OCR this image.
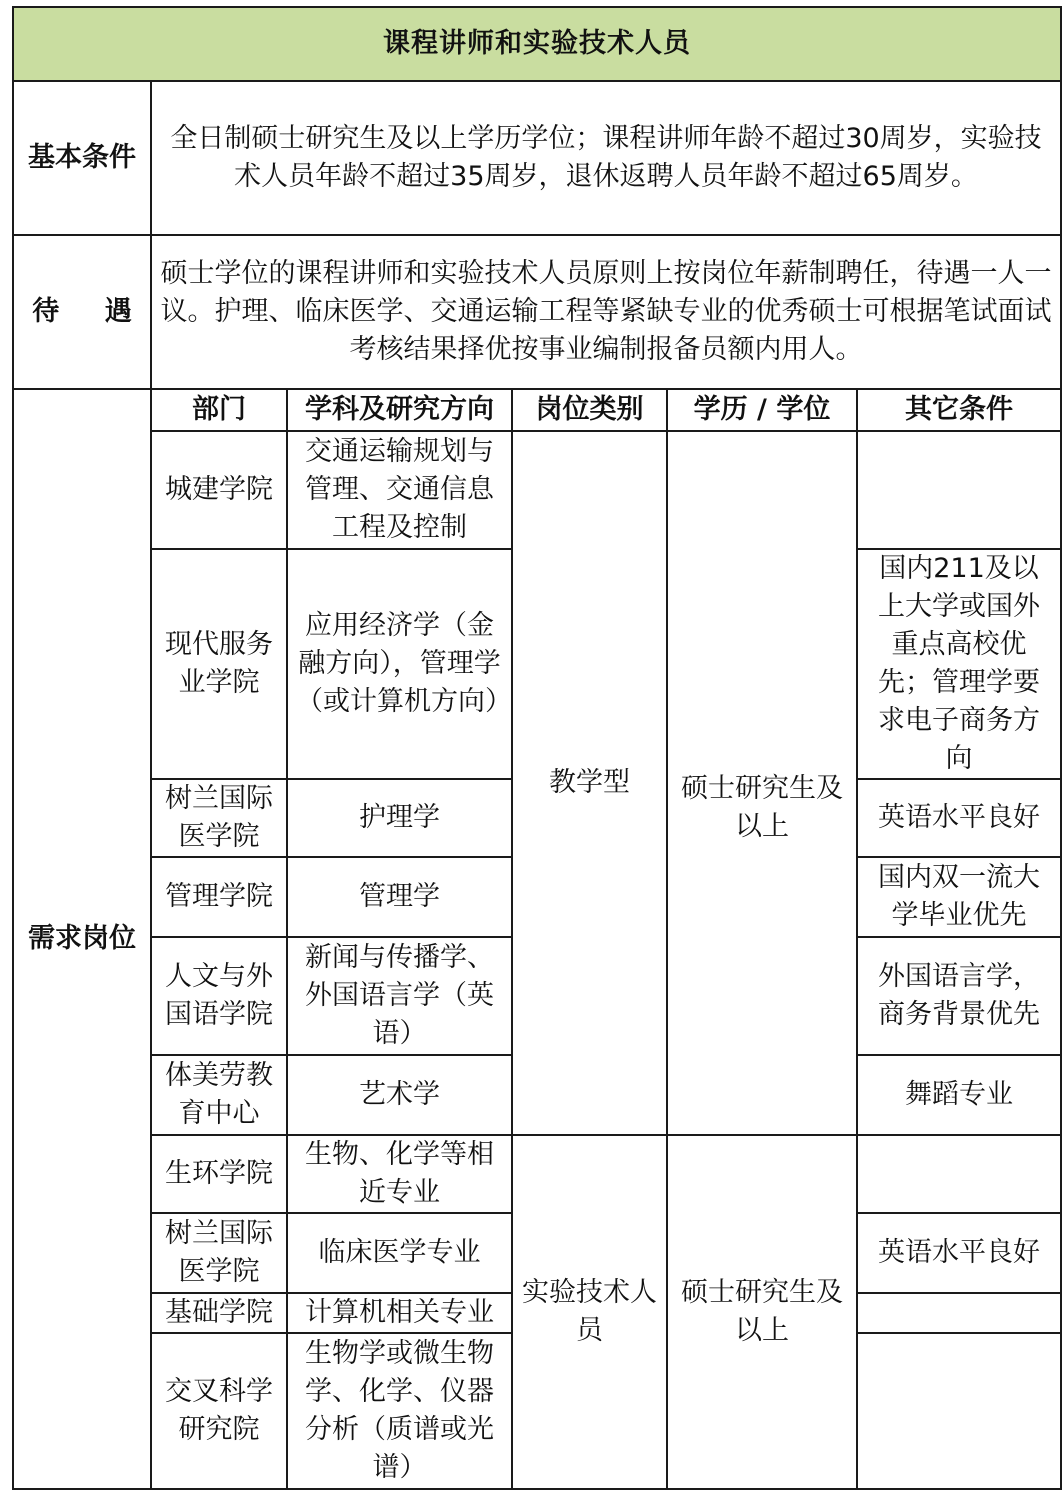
课程讲师和实验技术人员					
基本条件	全日制硕士研究生及以上学历学位；课程讲师年龄不超过30周岁，实验技术人员年龄不超过35周岁，退休返聘人员年龄不超过65周岁。				
待 遇	硕士学位的课程讲师和实验技术人员原则上按岗位年薪制聘任，待遇一人一议。护理、临床医学、交通运输工程等紧缺专业的优秀硕士可根据笔试面试考核结果择优按事业编制报备员额内用人。				
需求岗位	部门	学科及研究方向	岗位类别	学历 / 学位	其它条件
	城建学院	交通运输规划与管理、交通信息工程及控制	教学型	硕士研究生及以上	
	现代服务业学院	应用经济学（金融方向），管理学（或计算机方向）			国内211及以上大学或国外重点高校优先；管理学要求电子商务方向
	树兰国际医学院	护理学			英语水平良好
	管理学院	管理学			国内双一流大学毕业优先
	人文与外国语学院	新闻与传播学、外国语言学（英语）			外国语言学，商务背景优先
	体美劳教育中心	艺术学			舞蹈专业
	生环学院	生物、化学等相近专业	实验技术人员	硕士研究生及以上	
	树兰国际医学院	临床医学专业			英语水平良好
	基础学院	计算机相关专业			
	交叉科学研究院	生物学或微生物学、化学、仪器分析（质谱或光谱）			
